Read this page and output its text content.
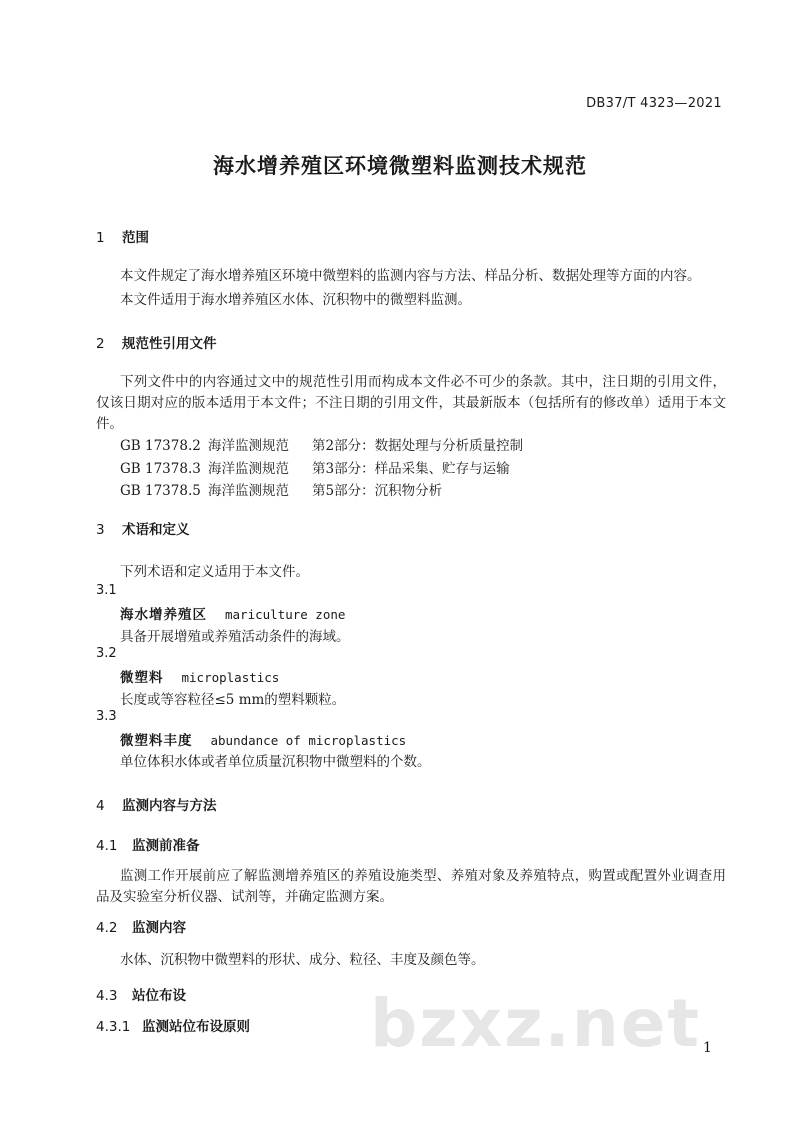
DB37/T 4323—2021
海水增养殖区环境微塑料监测技术规范
1 范围
本文件规定了海水增养殖区环境中微塑料的监测内容与方法、样品分析、数据处理等方面的内容。
本文件适用于海水增养殖区水体、沉积物中的微塑料监测。
2 规范性引用文件
下列文件中的内容通过文中的规范性引用而构成本文件必不可少的条款。其中，注日期的引用文件，仅该日期对应的版本适用于本文件；不注日期的引用文件，其最新版本（包括所有的修改单）适用于本文件。
GB 17378.2 海洋监测规范 第2部分：数据处理与分析质量控制
GB 17378.3 海洋监测规范 第3部分：样品采集、贮存与运输
GB 17378.5 海洋监测规范 第5部分：沉积物分析
3 术语和定义
下列术语和定义适用于本文件。
3.1
海水增养殖区 mariculture zone
具备开展增殖或养殖活动条件的海域。
3.2
微塑料 microplastics
长度或等容粒径≤5 mm的塑料颗粒。
3.3
微塑料丰度 abundance of microplastics
单位体积水体或者单位质量沉积物中微塑料的个数。
4 监测内容与方法
4.1 监测前准备
监测工作开展前应了解监测增养殖区的养殖设施类型、养殖对象及养殖特点，购置或配置外业调查用品及实验室分析仪器、试剂等，并确定监测方案。
4.2 监测内容
水体、沉积物中微塑料的形状、成分、粒径、丰度及颜色等。
4.3 站位布设
4.3.1 监测站位布设原则 bzxz.net 1
